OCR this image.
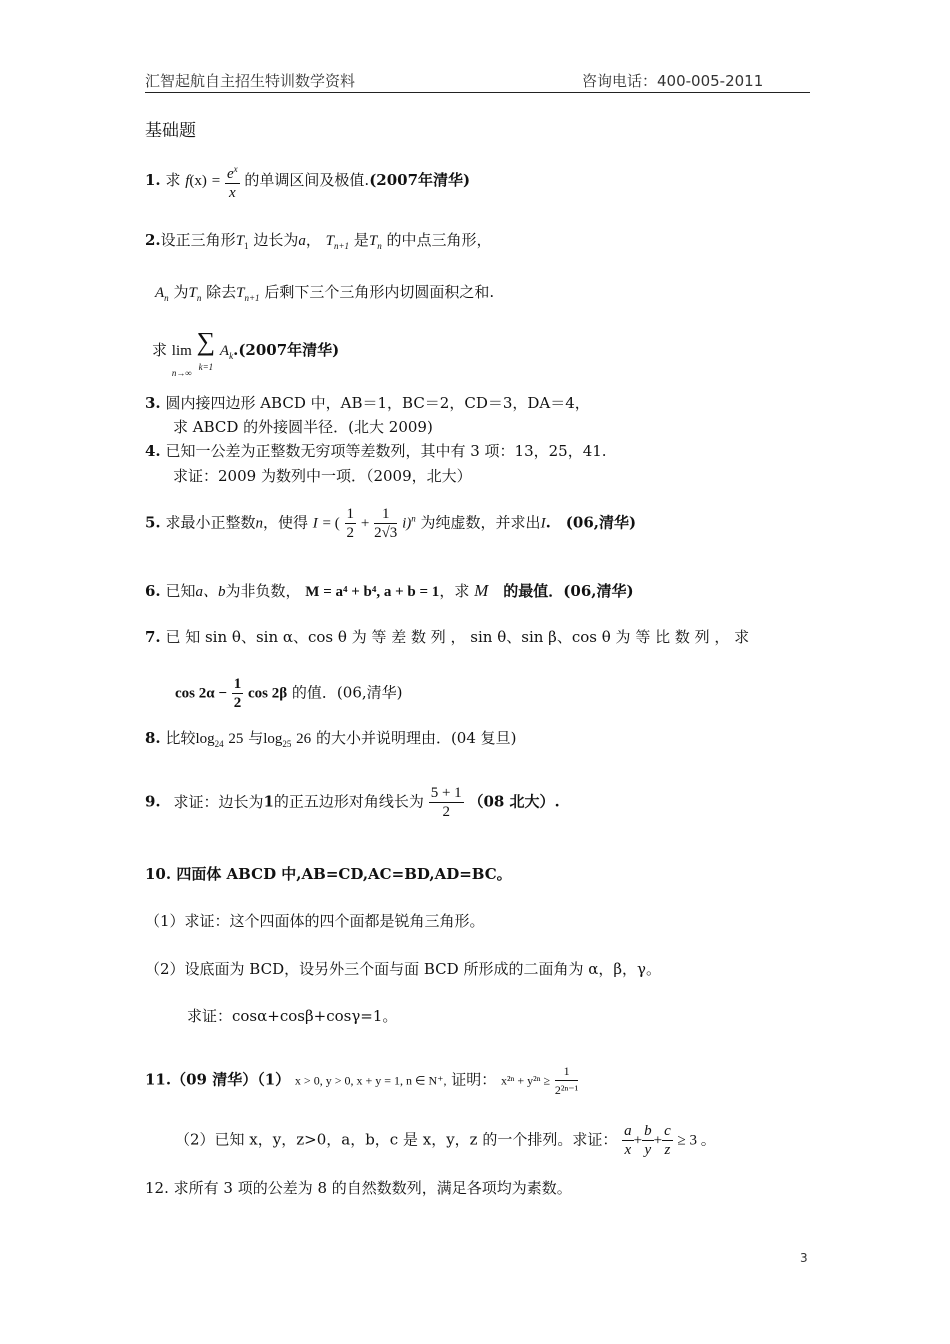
汇智起航自主招生特训数学资料	咨询电话：400-005-2011
基础题
1. 求 $f(x) = \frac{e^x}{x}$ 的单调区间及极值.(2007年清华)
2.设正三角形$T_1$ 边长为a， $T_{n+1}$ 是$T_n$ 的中点三角形，
$A_n$ 为$T_n$ 除去$T_{n+1}$ 后剩下三个三角形内切圆面积之和.
求 lim
n→∞ ∑
k=1 $A_k.(2007$年清华)
3. 圆内接四边形 ABCD 中，AB＝1，BC＝2，CD＝3，DA＝4，
求 ABCD 的外接圆半径．(北大 2009)
4. 已知一公差为正整数无穷项等差数列，其中有 3 项：13，25，41.
求证：2009 为数列中一项．（2009，北大）
5. 求最小正整数n，使得 I = ( $\frac{1}{2} + \frac{1}{2√3} i)^n$ 为纯虚数，并求出I.　(06,清华)
6. 已知a、b为非负数， M = a⁴ + b⁴, a + b = 1，求 M　的最值．(06,清华)
7. 已 知 sin θ、sin α、cos θ 为 等 差 数 列 ， sin θ、sin β、cos θ 为 等 比 数 列 ， 求
$\cos 2\alpha - \frac{1}{2}$ cos 2β 的值．(06,清华)
8. 比较$\log_{24} 25$ 与$\log_{25} 26$ 的大小并说明理由．(04 复旦)
9. 求证：边长为1的正五边形对角线长为 $\frac{5 + 1}{2} (08$ 北大）.
10. 四面体 ABCD 中,AB=CD,AC=BD,AD=BC。
（1）求证：这个四面体的四个面都是锐角三角形。
（2）设底面为 BCD，设另外三个面与面 BCD 所形成的二面角为 α，β，γ。
求证：cosα+cosβ+cosγ=1。
11.（09 清华）（1） x > 0, y > 0, x + y = 1, n ∈ N⁺, 证明： $x^{2n} + y^{2n} \ge \frac{1}{\text{2²ⁿ⁻¹}}$
（2）已知 x，y，z>0，a，b，c 是 x，y，z 的一个排列。求证： $\frac{a}{x} + \frac{b}{y} + \frac{c}{z} \ge 3$ 。
12. 求所有 3 项的公差为 8 的自然数数列，满足各项均为素数。
3
